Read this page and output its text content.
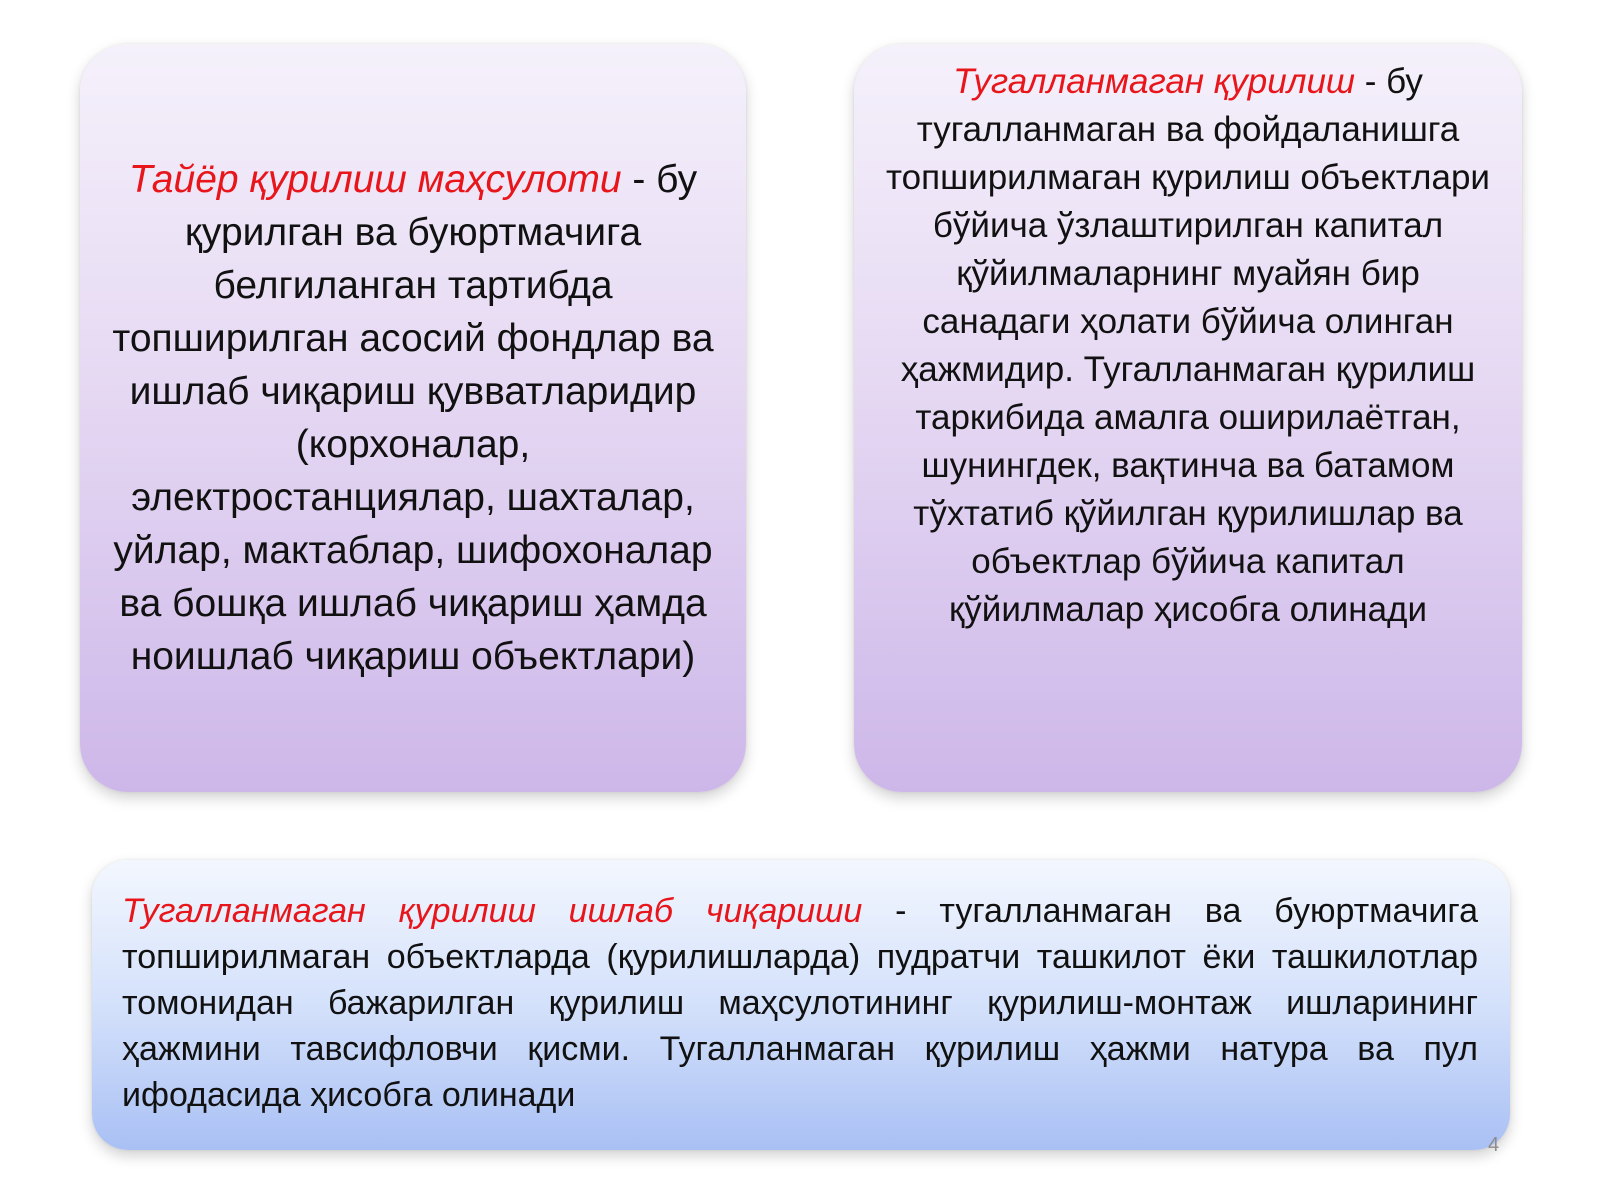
Тайёр қурилиш маҳсулоти - бу қурилган ва буюртмачига белгиланган тартибда топширилган асосий фондлар ва ишлаб чиқариш қувватларидир (корхоналар, электростанциялар, шахталар, уйлар, мактаблар, шифохоналар ва бошқа ишлаб чиқариш ҳамда ноишлаб чиқариш объектлари)
Тугалланмаган қурилиш - бу тугалланмаган ва фойдаланишга топширилмаган қурилиш объектлари бўйича ўзлаштирилган капитал қўйилмаларнинг муайян бир санадаги ҳолати бўйича олинган ҳажмидир. Тугалланмаган қурилиш таркибида амалга оширилаётган, шунингдек, вақтинча ва батамом тўхтатиб қўйилган қурилишлар ва объектлар бўйича капитал қўйилмалар ҳисобга олинади
Тугалланмаган қурилиш ишлаб чиқариши - тугалланмаган ва буюртмачига топширилмаган объектларда (қурилишларда) пудратчи ташкилот ёки ташкилотлар томонидан бажарилган қурилиш маҳсулотининг қурилиш-монтаж ишларининг ҳажмини тавсифловчи қисми. Тугалланмаган қурилиш ҳажми натура ва пул ифодасида ҳисобга олинади
4
